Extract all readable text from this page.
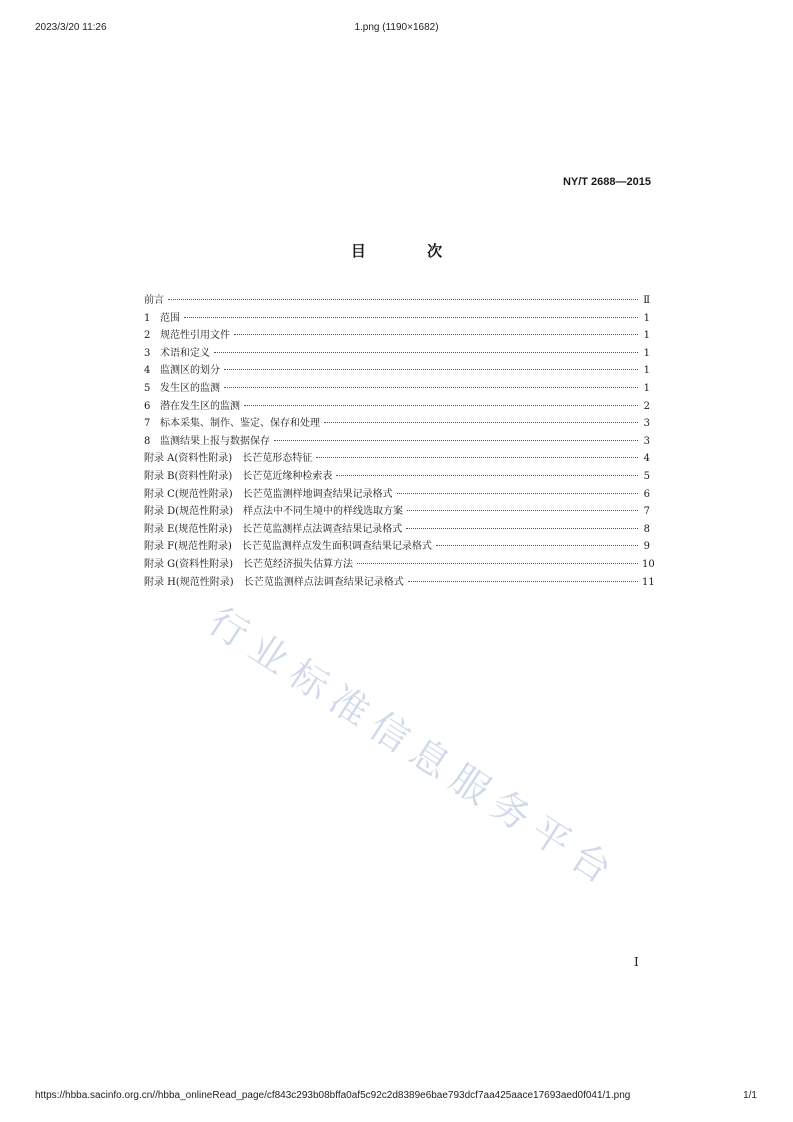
2023/3/20 11:26	1.png (1190×1682)
行业标准信息服务平台
NY/T 2688—2015
目 次
前言	Ⅱ
1 范围	1
2 规范性引用文件	1
3 术语和定义	1
4 监测区的划分	1
5 发生区的监测	1
6 潜在发生区的监测	2
7 标本采集、制作、鉴定、保存和处理	3
8 监测结果上报与数据保存	3
附录 A(资料性附录) 长芒苋形态特征	4
附录 B(资料性附录) 长芒苋近缘种检索表	5
附录 C(规范性附录) 长芒苋监测样地调查结果记录格式	6
附录 D(规范性附录) 样点法中不同生境中的样线选取方案	7
附录 E(规范性附录) 长芒苋监测样点法调查结果记录格式	8
附录 F(规范性附录) 长芒苋监测样点发生面积调查结果记录格式	9
附录 G(资料性附录) 长芒苋经济损失估算方法	10
附录 H(规范性附录) 长芒苋监测样点法调查结果记录格式	11
I
https://hbba.sacinfo.org.cn//hbba_onlineRead_page/cf843c293b08bffa0af5c92c2d8389e6bae793dcf7aa425aace17693aed0f041/1.png	1/1
